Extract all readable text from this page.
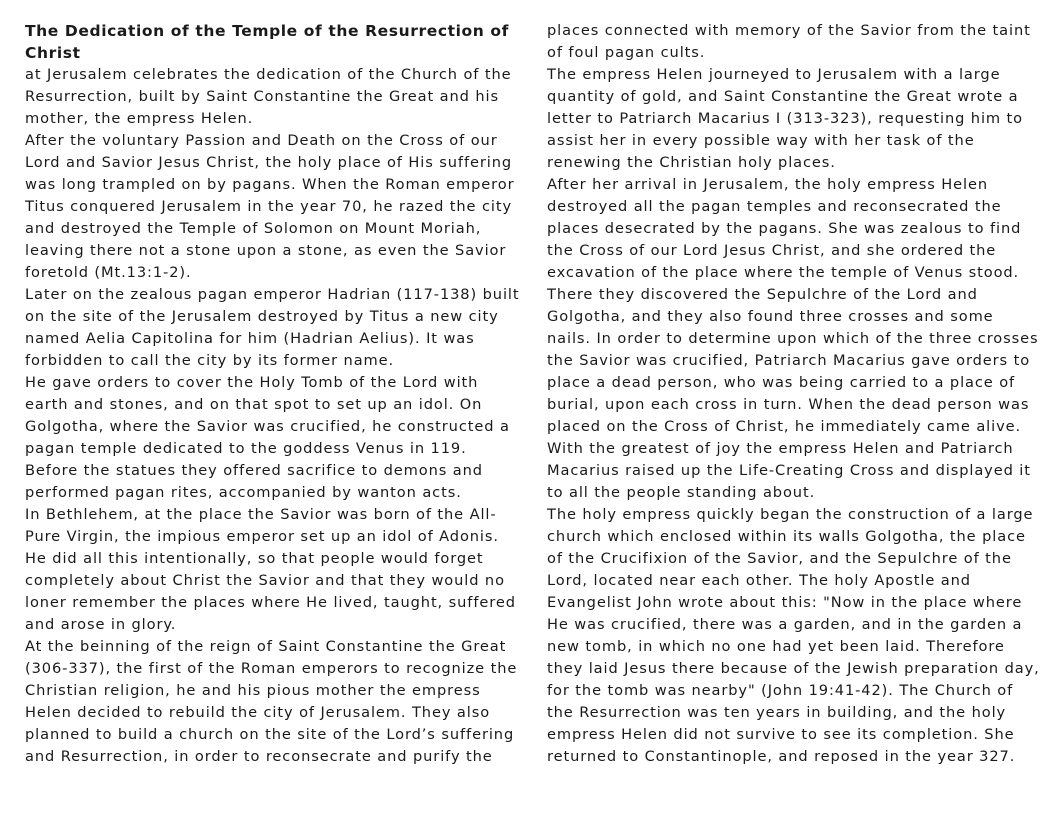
The Dedication of the Temple of the Resurrection of Christ

at Jerusalem celebrates the dedication of the Church of the Resurrection, built by Saint Constantine the Great and his mother, the empress Helen.

After the voluntary Passion and Death on the Cross of our Lord and Savior Jesus Christ, the holy place of His suffering was long trampled on by pagans. When the Roman emperor Titus conquered Jerusalem in the year 70, he razed the city and destroyed the Temple of Solomon on Mount Moriah, leaving there not a stone upon a stone, as even the Savior foretold (Mt.13:1-2).

Later on the zealous pagan emperor Hadrian (117-138) built on the site of the Jerusalem destroyed by Titus a new city named Aelia Capitolina for him (Hadrian Aelius). It was forbidden to call the city by its former name.

He gave orders to cover the Holy Tomb of the Lord with earth and stones, and on that spot to set up an idol. On Golgotha, where the Savior was crucified, he constructed a pagan temple dedicated to the goddess Venus in 119. Before the statues they offered sacrifice to demons and performed pagan rites, accompanied by wanton acts.

In Bethlehem, at the place the Savior was born of the All-Pure Virgin, the impious emperor set up an idol of Adonis. He did all this intentionally, so that people would forget completely about Christ the Savior and that they would no loner remember the places where He lived, taught, suffered and arose in glory.

At the beinning of the reign of Saint Constantine the Great (306-337), the first of the Roman emperors to recognize the Christian religion, he and his pious mother the empress Helen decided to rebuild the city of Jerusalem. They also planned to build a church on the site of the Lord’s suffering and Resurrection, in order to reconsecrate and purify the

places connected with memory of the Savior from the taint of foul pagan cults.

The empress Helen journeyed to Jerusalem with a large quantity of gold, and Saint Constantine the Great wrote a letter to Patriarch Macarius I (313-323), requesting him to assist her in every possible way with her task of the renewing the Christian holy places.

After her arrival in Jerusalem, the holy empress Helen destroyed all the pagan temples and reconsecrated the places desecrated by the pagans. She was zealous to find the Cross of our Lord Jesus Christ, and she ordered the excavation of the place where the temple of Venus stood. There they discovered the Sepulchre of the Lord and Golgotha, and they also found three crosses and some nails. In order to determine upon which of the three crosses the Savior was crucified, Patriarch Macarius gave orders to place a dead person, who was being carried to a place of burial, upon each cross in turn. When the dead person was placed on the Cross of Christ, he immediately came alive. With the greatest of joy the empress Helen and Patriarch Macarius raised up the Life-Creating Cross and displayed it to all the people standing about.

The holy empress quickly began the construction of a large church which enclosed within its walls Golgotha, the place of the Crucifixion of the Savior, and the Sepulchre of the Lord, located near each other. The holy Apostle and Evangelist John wrote about this: "Now in the place where He was crucified, there was a garden, and in the garden a new tomb, in which no one had yet been laid. Therefore they laid Jesus there because of the Jewish preparation day, for the tomb was nearby" (John 19:41-42). The Church of the Resurrection was ten years in building, and the holy empress Helen did not survive to see its completion. She returned to Constantinople, and reposed in the year 327.
